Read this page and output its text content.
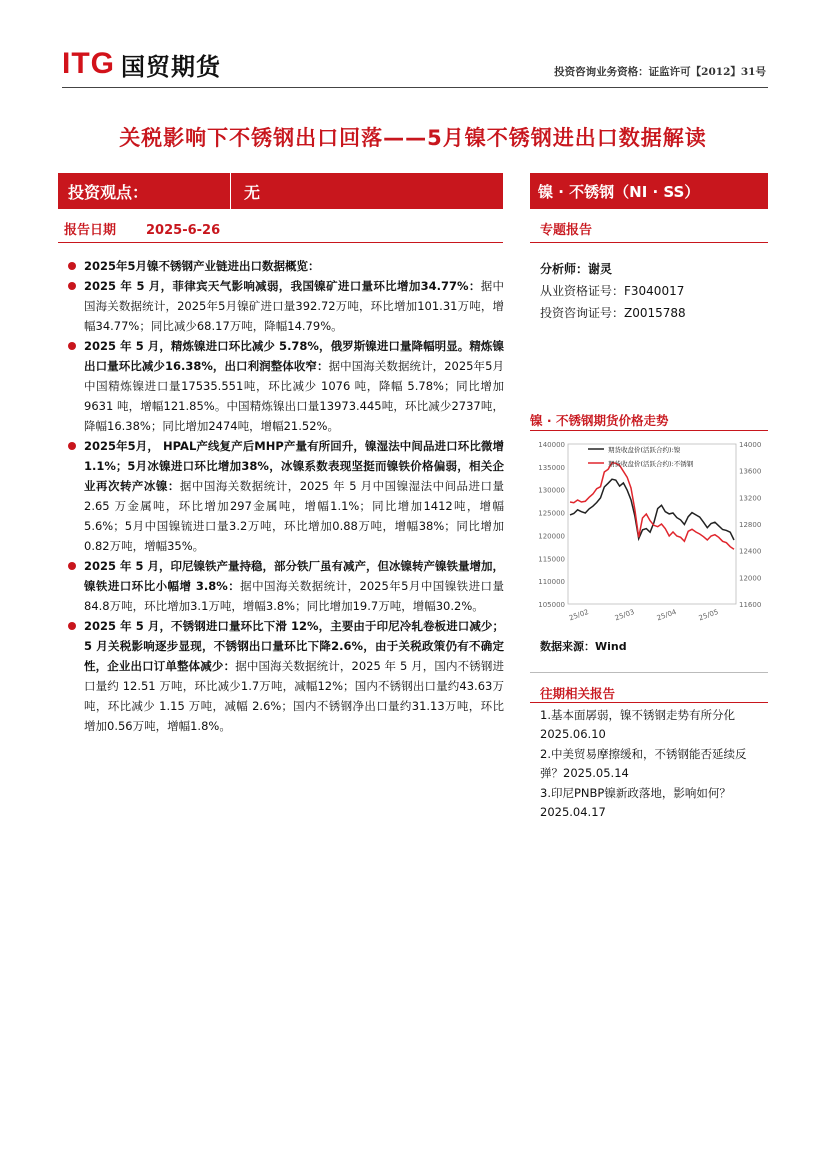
ITG 国贸期货	投资咨询业务资格：证监许可【2012】31号
关税影响下不锈钢出口回落——5月镍不锈钢进出口数据解读
投资观点：	无	镍 · 不锈钢（NI · SS）
报告日期 2025-6-26	专题报告
2025年5月镍不锈钢产业链进出口数据概览：
2025 年 5 月，菲律宾天气影响减弱，我国镍矿进口量环比增加34.77%：据中国海关数据统计，2025年5月镍矿进口量392.72万吨，环比增加101.31万吨，增幅34.77%；同比减少68.17万吨，降幅14.79%。
2025 年 5 月，精炼镍进口环比减少 5.78%，俄罗斯镍进口量降幅明显。精炼镍出口量环比减少16.38%，出口利润整体收窄：据中国海关数据统计，2025年5月中国精炼镍进口量17535.551吨，环比减少 1076 吨，降幅 5.78%；同比增加 9631 吨，增幅121.85%。中国精炼镍出口量13973.445吨，环比减少2737吨，降幅16.38%；同比增加2474吨，增幅21.52%。
2025年5月， HPAL产线复产后MHP产量有所回升，镍湿法中间品进口环比微增1.1%；5月冰镍进口环比增加38%，冰镍系数表现坚挺而镍铁价格偏弱，相关企业再次转产冰镍：据中国海关数据统计，2025 年 5 月中国镍湿法中间品进口量 2.65 万金属吨，环比增加297金属吨，增幅1.1%；同比增加1412吨，增幅5.6%；5月中国镍锍进口量3.2万吨，环比增加0.88万吨，增幅38%；同比增加0.82万吨，增幅35%。
2025 年 5 月，印尼镍铁产量持稳，部分铁厂虽有减产，但冰镍转产镍铁量增加，镍铁进口环比小幅增 3.8%：据中国海关数据统计，2025年5月中国镍铁进口量84.8万吨，环比增加3.1万吨，增幅3.8%；同比增加19.7万吨，增幅30.2%。
2025 年 5 月，不锈钢进口量环比下滑 12%，主要由于印尼冷轧卷板进口减少；5 月关税影响逐步显现，不锈钢出口量环比下降2.6%，由于关税政策仍有不确定性，企业出口订单整体减少：据中国海关数据统计，2025 年 5 月，国内不锈钢进口量约 12.51 万吨，环比减少1.7万吨，减幅12%；国内不锈钢出口量约43.63万吨，环比减少 1.15 万吨，减幅 2.6%；国内不锈钢净出口量约31.13万吨，环比增加0.56万吨，增幅1.8%。
分析师：谢灵
从业资格证号：F3040017
投资咨询证号：Z0015788
镍 · 不锈钢期货价格走势
140000
135000
130000
125000
120000
115000
110000
105000
14000
13600
13200
12800
12400
12000
11600
25/02	25/03	25/04	25/05
期货收盘价(活跃合约):镍
期货收盘价(活跃合约):不锈钢
数据来源：Wind
往期相关报告
1.基本面孱弱，镍不锈钢走势有所分化 2025.06.10
2.中美贸易摩擦缓和，不锈钢能否延续反弹？2025.05.14
3.印尼PNBP镍新政落地，影响如何？2025.04.17
